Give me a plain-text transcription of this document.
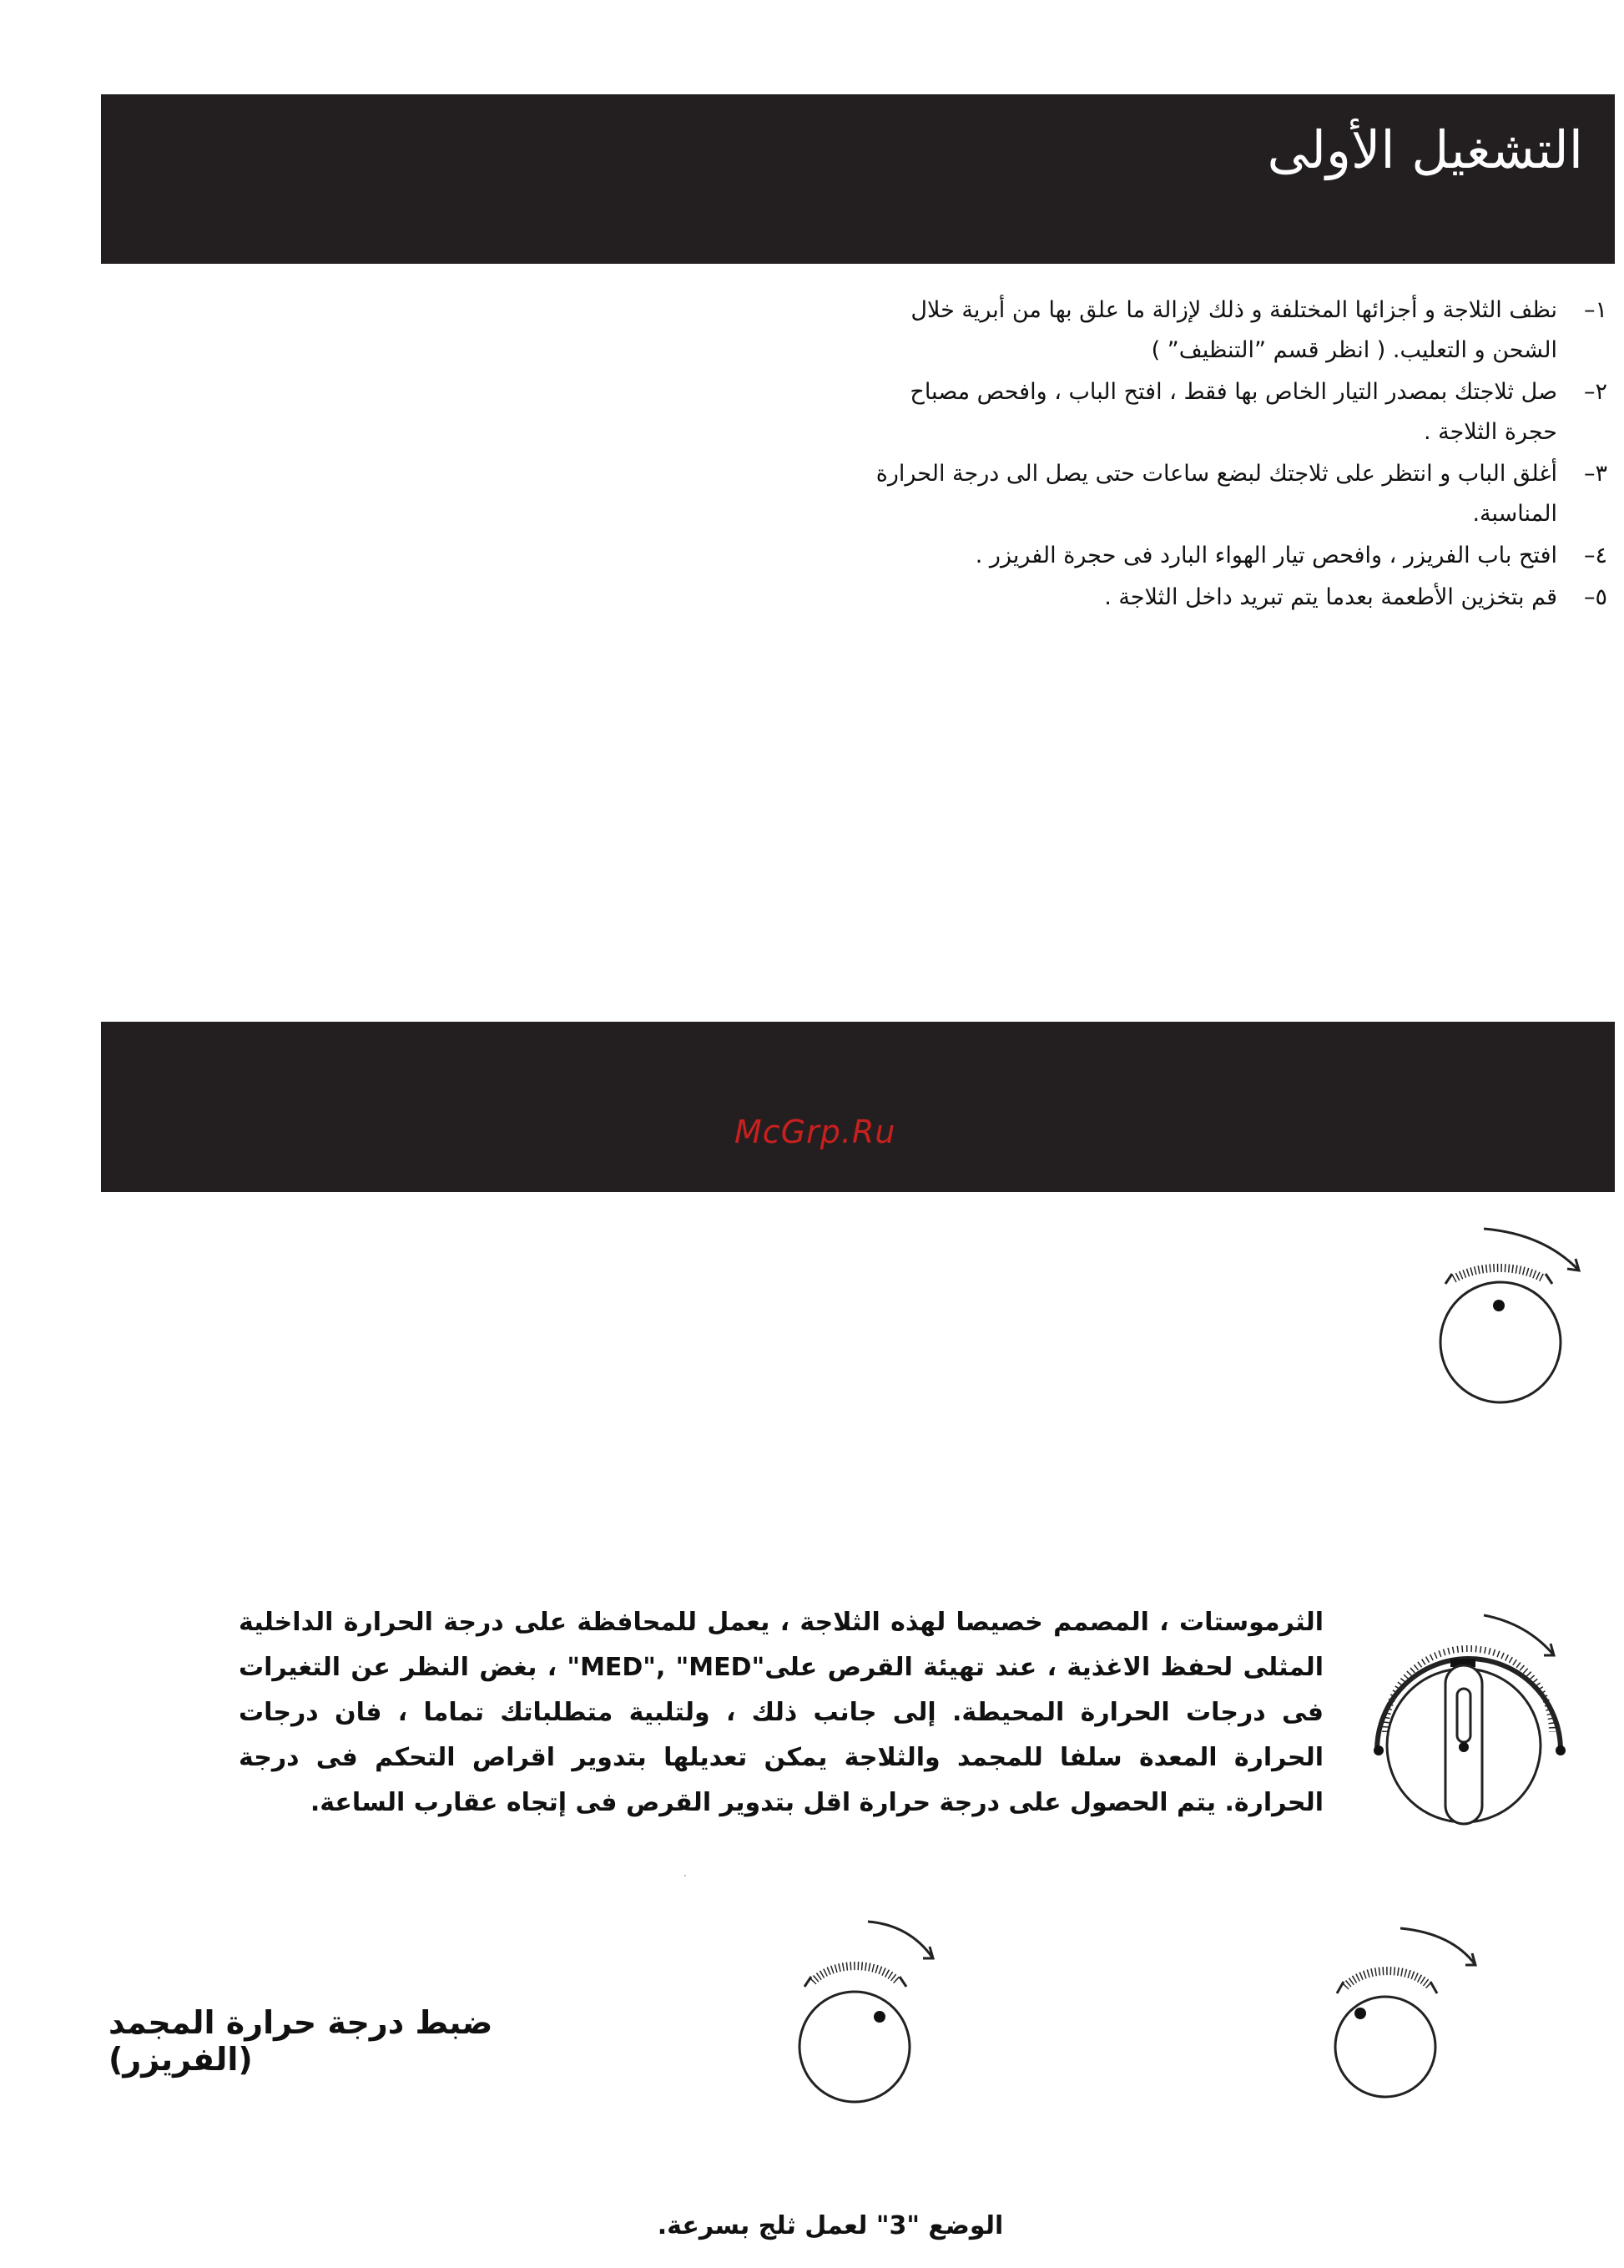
التشغيل الأولى
McGrp.Ru
١–
نظف الثلاجة و أجزائها المختلفة و ذلك لإزالة ما علق بها من أبرية خلال الشحن و التعليب. ( انظر قسم ”التنظيف” )
٢–
صل ثلاجتك بمصدر التيار الخاص بها فقط ، افتح الباب ، وافحص مصباح حجرة الثلاجة .
٣–
أغلق الباب و انتظر على ثلاجتك لبضع ساعات حتى يصل الى درجة الحرارة المناسبة.
٤–
افتح باب الفريزر ، وافحص تيار الهواء البارد فى حجرة الفريزر .
٥–
قم بتخزين الأطعمة بعدما يتم تبريد داخل الثلاجة .
الثرموستات ، المصمم خصيصا لهذه الثلاجة ، يعمل للمحافظة على درجة الحرارة الداخلية المثلى لحفظ الاغذية ، عند تهيئة القرص على"MED", "MED" ، بغض النظر عن التغيرات فى درجات الحرارة المحيطة. إلى جانب ذلك ، ولتلبية متطلباتك تماما ، فان درجات الحرارة المعدة سلفا للمجمد والثلاجة يمكن تعديلها بتدوير اقراص التحكم فى درجة الحرارة. يتم الحصول على درجة حرارة اقل بتدوير القرص فى إتجاه عقارب الساعة.
ضبط درجة حرارة المجمد (الفريزر)
الوضع "3" لعمل ثلج بسرعة.
